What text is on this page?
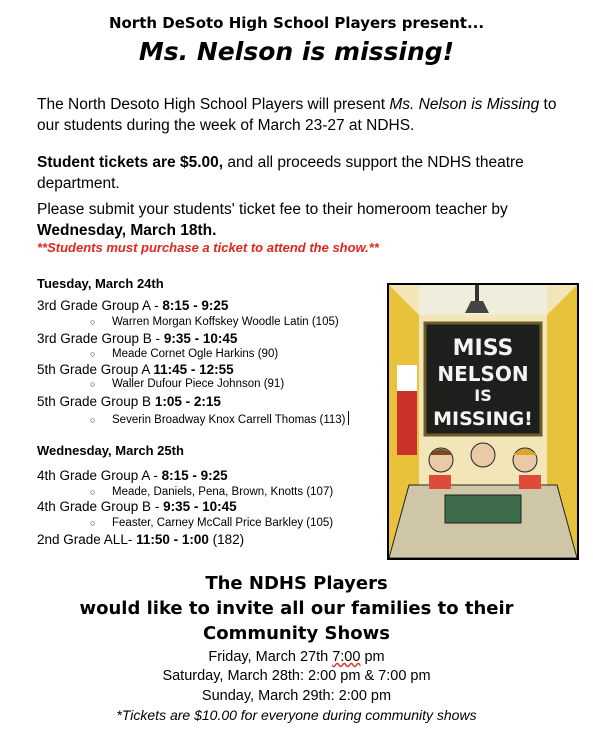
North DeSoto High School Players present...
Ms. Nelson is missing!
The North Desoto High School Players will present Ms. Nelson is Missing to our students during the week of March 23-27 at NDHS.
Student tickets are $5.00, and all proceeds support the NDHS theatre department.
Please submit your students' ticket fee to their homeroom teacher by Wednesday, March 18th.
**Students must purchase a ticket to attend the show.**
Tuesday, March 24th
3rd Grade Group A - 8:15 - 9:25
○ Warren Morgan Koffskey Woodle Latin (105)
3rd Grade Group B - 9:35 - 10:45
○ Meade Cornet Ogle Harkins (90)
5th Grade Group A 11:45 - 12:55
○ Waller Dufour Piece Johnson (91)
5th Grade Group B 1:05 - 2:15
○ Severin Broadway Knox Carrell Thomas (113)
Wednesday, March 25th
4th Grade Group A - 8:15 - 9:25
○ Meade, Daniels, Pena, Brown, Knotts (107)
4th Grade Group B - 9:35 - 10:45
○ Feaster, Carney McCall Price Barkley (105)
2nd Grade ALL- 11:50 - 1:00 (182)
MISS
NELSON
IS
MISSING!
The NDHS Players
would like to invite all our families to their
Community Shows
Friday, March 27th 7:00 pm
Saturday, March 28th: 2:00 pm & 7:00 pm
Sunday, March 29th: 2:00 pm
*Tickets are $10.00 for everyone during community shows
